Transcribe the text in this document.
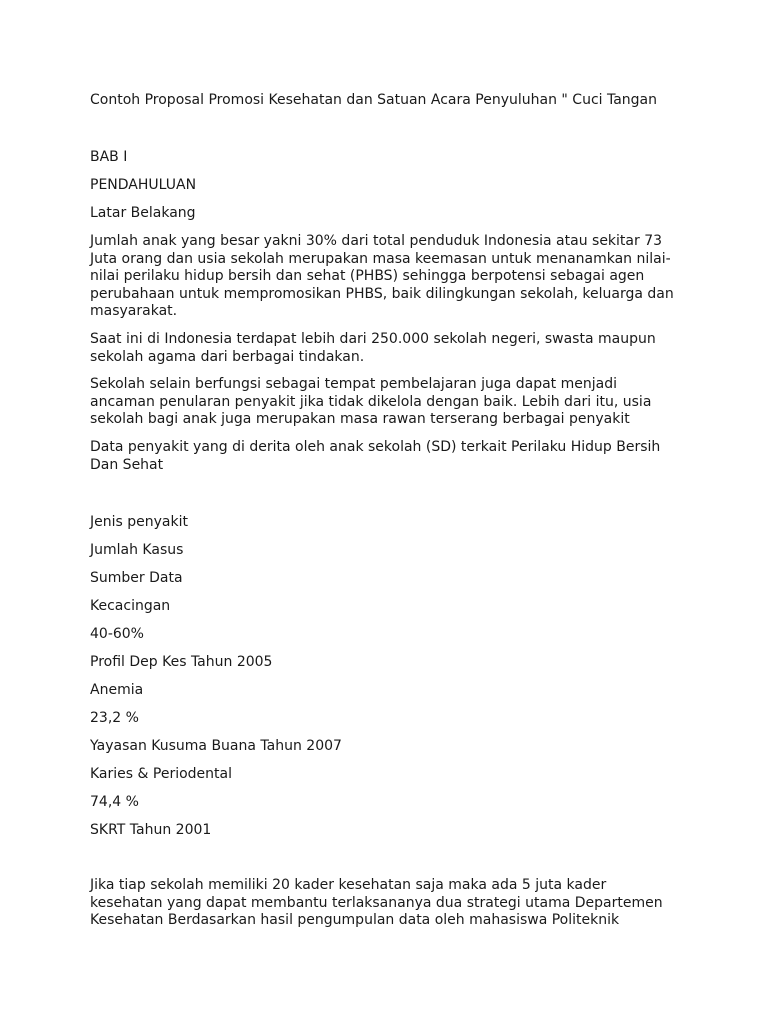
Contoh Proposal Promosi Kesehatan dan Satuan Acara Penyuluhan " Cuci Tangan

BAB I

PENDAHULUAN

Latar Belakang

Jumlah anak yang besar yakni 30% dari total penduduk Indonesia atau sekitar 73 Juta orang dan usia sekolah merupakan masa keemasan untuk menanamkan nilai-nilai perilaku hidup bersih dan sehat (PHBS) sehingga berpotensi sebagai agen perubahaan untuk mempromosikan PHBS, baik dilingkungan sekolah, keluarga dan masyarakat.

Saat ini di Indonesia terdapat lebih dari 250.000 sekolah negeri, swasta maupun sekolah agama dari berbagai tindakan.

Sekolah selain berfungsi sebagai tempat pembelajaran juga dapat menjadi ancaman penularan penyakit jika tidak dikelola dengan baik. Lebih dari itu, usia sekolah bagi anak juga merupakan masa rawan terserang berbagai penyakit

Data penyakit yang di derita oleh anak sekolah (SD) terkait Perilaku Hidup Bersih Dan Sehat

Jenis penyakit

Jumlah Kasus

Sumber Data

Kecacingan

40-60%

Profil Dep Kes Tahun 2005

Anemia

23,2 %

Yayasan Kusuma Buana Tahun 2007

Karies & Periodental

74,4 %

SKRT Tahun 2001

Jika tiap sekolah memiliki 20 kader kesehatan saja maka ada 5 juta kader kesehatan yang dapat membantu terlaksananya dua strategi utama Departemen Kesehatan Berdasarkan hasil pengumpulan data oleh mahasiswa Politeknik
